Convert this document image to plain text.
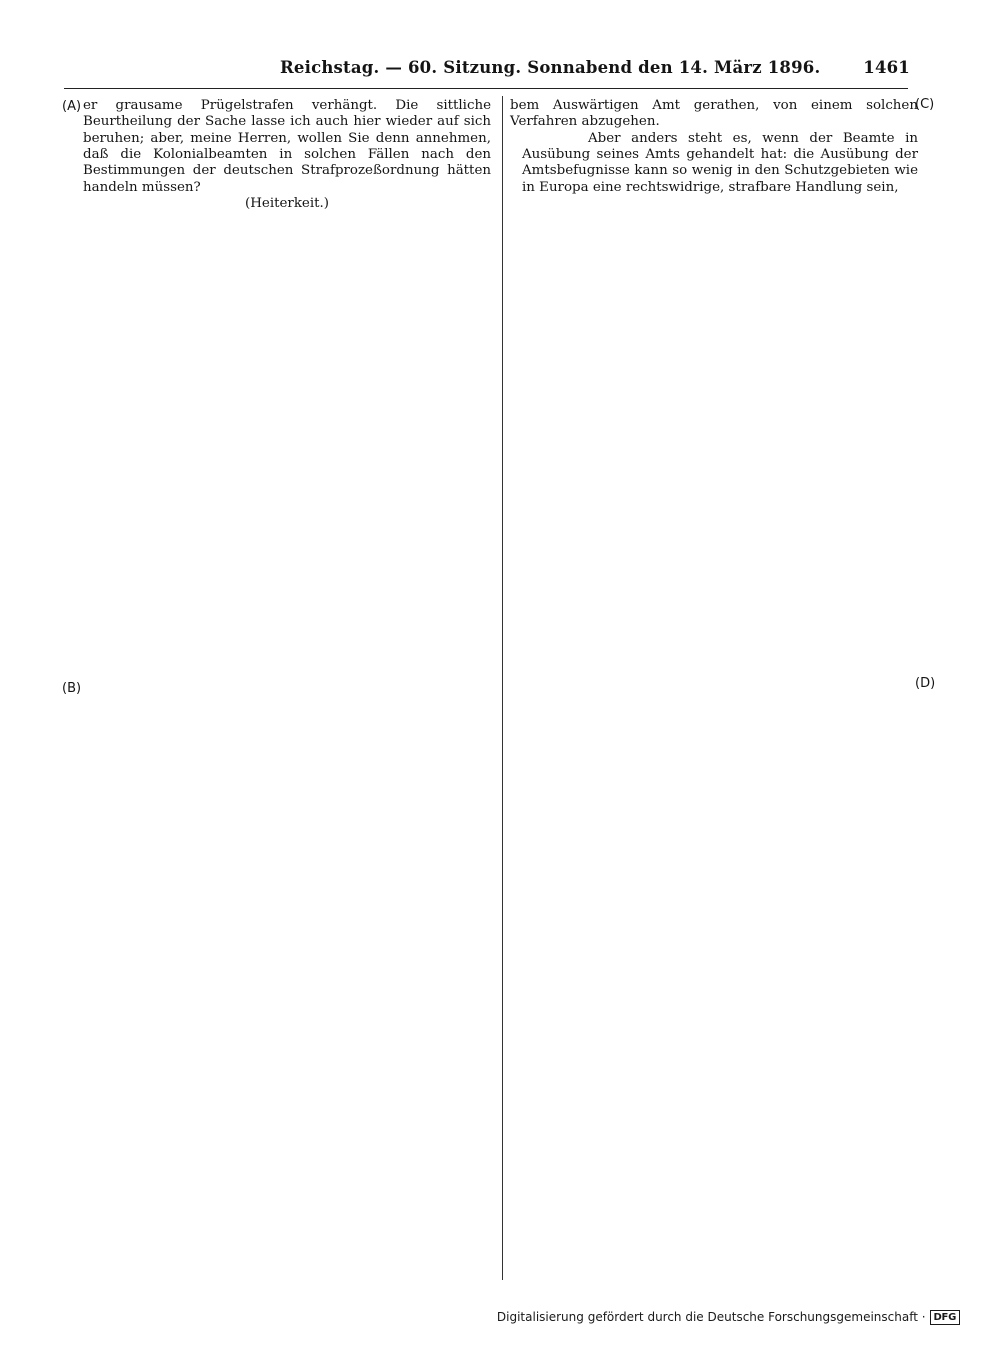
Reichstag. — 60. Sitzung. Sonnabend den 14. März 1896.	1461
(A)
(B)
(C)
(D)

er grausame Prügelstrafen verhängt. Die sittliche Beurtheilung der Sache lasse ich auch hier wieder auf sich beruhen; aber, meine Herren, wollen Sie denn annehmen, daß die Kolonialbeamten in solchen Fällen nach den Bestimmungen der deutschen Strafprozeßordnung hätten handeln müssen?

(Heiterkeit.)

bem Auswärtigen Amt gerathen, von einem solchen Verfahren abzugehen.

Aber anders steht es, wenn der Beamte in Ausübung seines Amts gehandelt hat: die Ausübung der Amtsbefugnisse kann so wenig in den Schutzgebieten wie in Europa eine rechtswidrige, strafbare Handlung sein,

Digitalisierung gefördert durch die Deutsche Forschungsgemeinschaft · DFG
